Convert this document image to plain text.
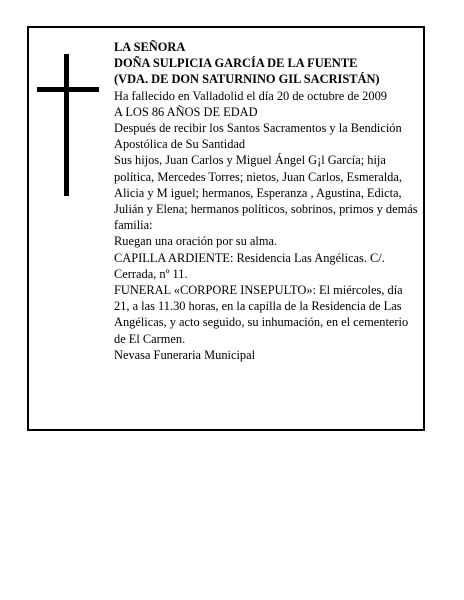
LA SEÑORA

DOÑA SULPICIA GARCÍA DE LA FUENTE

(VDA. DE DON SATURNINO GIL SACRISTÁN)

Ha fallecido en Valladolid el día 20 de octubre de 2009

A LOS 86 AÑOS DE EDAD

Después de recibir los Santos Sacramentos y la Bendición Apostólica de Su Santidad

Sus hijos, Juan Carlos y Miguel Ángel G¡l García; hija política, Mercedes Torres; nietos, Juan Carlos, Esmeralda, Alicia y M iguel; hermanos, Esperanza , Agustina, Edicta, Julián y Elena; hermanos políticos, sobrinos, primos y demás familia:

Ruegan una oración por su alma.

CAPILLA ARDIENTE: Residencia Las Angélicas. C/. Cerrada, nº 11.

FUNERAL «CORPORE INSEPULTO»: El miércoles, día 21, a las 11.30 horas, en la capilla de la Residencia de Las Angélicas, y acto seguido, su inhumación, en el cementerio de El Carmen.

Nevasa Funeraria Municipal
